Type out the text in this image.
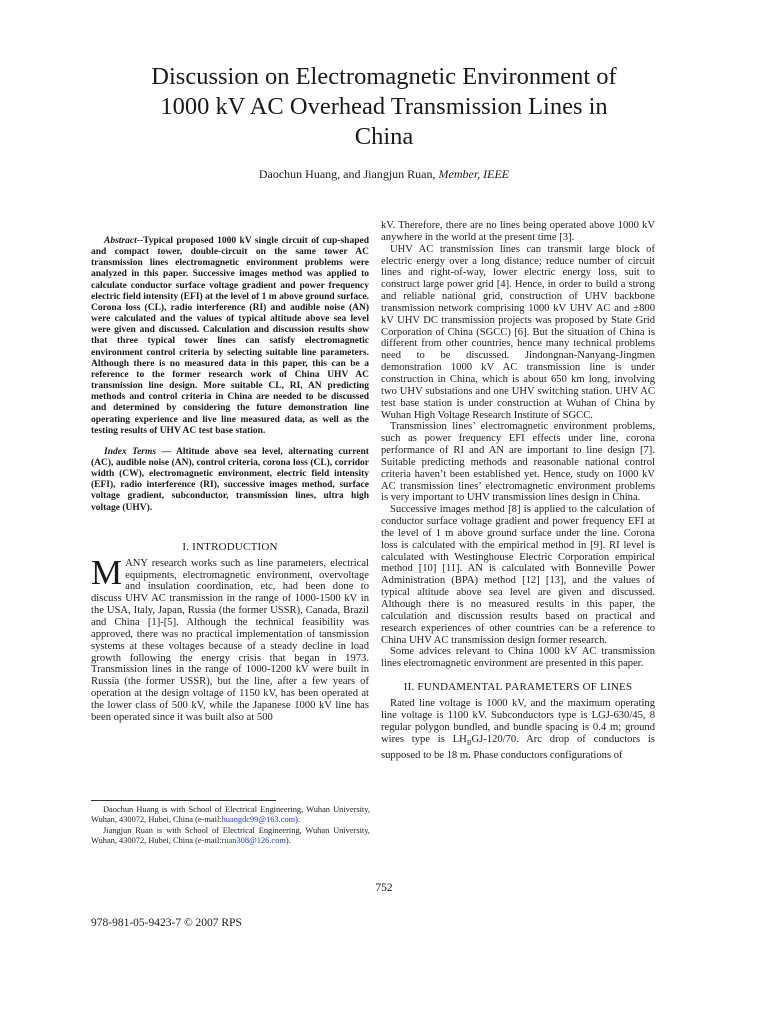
Discussion on Electromagnetic Environment of
1000 kV AC Overhead Transmission Lines in
China
Daochun Huang, and Jiangjun Ruan, Member, IEEE

Abstract--Typical proposed 1000 kV single circuit of cup-shaped and compact tower, double-circuit on the same tower AC transmission lines electromagnetic environment problems were analyzed in this paper. Successive images method was applied to calculate conductor surface voltage gradient and power frequency electric field intensity (EFI) at the level of 1 m above ground surface. Corona loss (CL), radio interference (RI) and audible noise (AN) were calculated and the values of typical altitude above sea level were given and discussed. Calculation and discussion results show that three typical tower lines can satisfy electromagnetic environment control criteria by selecting suitable line parameters. Although there is no measured data in this paper, this can be a reference to the former research work of China UHV AC transmission line design. More suitable CL, RI, AN predicting methods and control criteria in China are needed to be discussed and determined by considering the future demonstration line operating experience and live line measured data, as well as the testing results of UHV AC test base station.

Index Terms — Altitude above sea level, alternating current (AC), audible noise (AN), control criteria, corona loss (CL), corridor width (CW), electromagnetic environment, electric field intensity (EFI), radio interference (RI), successive images method, surface voltage gradient, subconductor, transmission lines, ultra high voltage (UHV).

I. INTRODUCTION

MANY research works such as line parameters, electrical equipments, electromagnetic environment, overvoltage and insulation coordination, etc, had been done to discuss UHV AC transmission in the range of 1000-1500 kV in the USA, Italy, Japan, Russia (the former USSR), Canada, Brazil and China [1]-[5]. Although the technical feasibility was approved, there was no practical implementation of tansmission systems at these voltages because of a steady decline in load growth following the energy crisis that began in 1973. Transmission lines in the range of 1000-1200 kV were built in Russia (the former USSR), but the line, after a few years of operation at the design voltage of 1150 kV, has been operated at the lower class of 500 kV, while the Japanese 1000 kV line has been operated since it was built also at 500

Daochun Huang is with School of Electrical Engineering, Wuhan University, Wuhan, 430072, Hubei, China (e-mail:huangdc99@163.com).

Jiangjun Ruan is with School of Electrical Engineering, Wuhan University, Wuhan, 430072, Hubei, China (e-mail:ruan308@126.com).

kV. Therefore, there are no lines being operated above 1000 kV anywhere in the world at the present time [3].

UHV AC transmission lines can transmit large block of electric energy over a long distance; reduce number of circuit lines and right-of-way, lower electric energy loss, suit to construct large power grid [4]. Hence, in order to build a strong and reliable national grid, construction of UHV backbone transmission network comprising 1000 kV UHV AC and ±800 kV UHV DC transmission projects was proposed by State Grid Corporation of China (SGCC) [6]. But the situation of China is different from other countries, hence many technical problems need to be discussed. Jindongnan-Nanyang-Jingmen demonstration 1000 kV AC transmission line is under construction in China, which is about 650 km long, involving two UHV substations and one UHV switching station. UHV AC test base station is under construction at Wuhan of China by Wuhan High Voltage Research Institute of SGCC.

Transmission lines’ electromagnetic environment problems, such as power frequency EFI effects under line, corona performance of RI and AN are important to line design [7]. Suitable predicting methods and reasonable national control criteria haven’t been established yet. Hence, study on 1000 kV AC transmission lines’ electromagnetic environment problems is very important to UHV transmission lines design in China.

Successive images method [8] is applied to the calculation of conductor surface voltage gradient and power frequency EFI at the level of 1 m above ground surface under the line. Corona loss is calculated with the empirical method in [9]. RI level is calculated with Westinghouse Electric Corporation empirical method [10] [11]. AN is calculated with Bonneville Power Administration (BPA) method [12] [13], and the values of typical altitude above sea level are given and discussed. Although there is no measured results in this paper, the calculation and discussion results based on practical and research experiences of other countries can be a reference to China UHV AC transmission design former research.

Some advices relevant to China 1000 kV AC transmission lines electromagnetic environment are presented in this paper.

II. FUNDAMENTAL PARAMETERS OF LINES

Rated line voltage is 1000 kV, and the maximum operating line voltage is 1100 kV. Subconductors type is LGJ-630/45, 8 regular polygon bundled, and bundle spacing is 0.4 m; ground wires type is $LH_BGJ-120/70$. Arc drop of conductors is supposed to be 18 m. Phase conductors configurations of

752
978-981-05-9423-7 © 2007 RPS
